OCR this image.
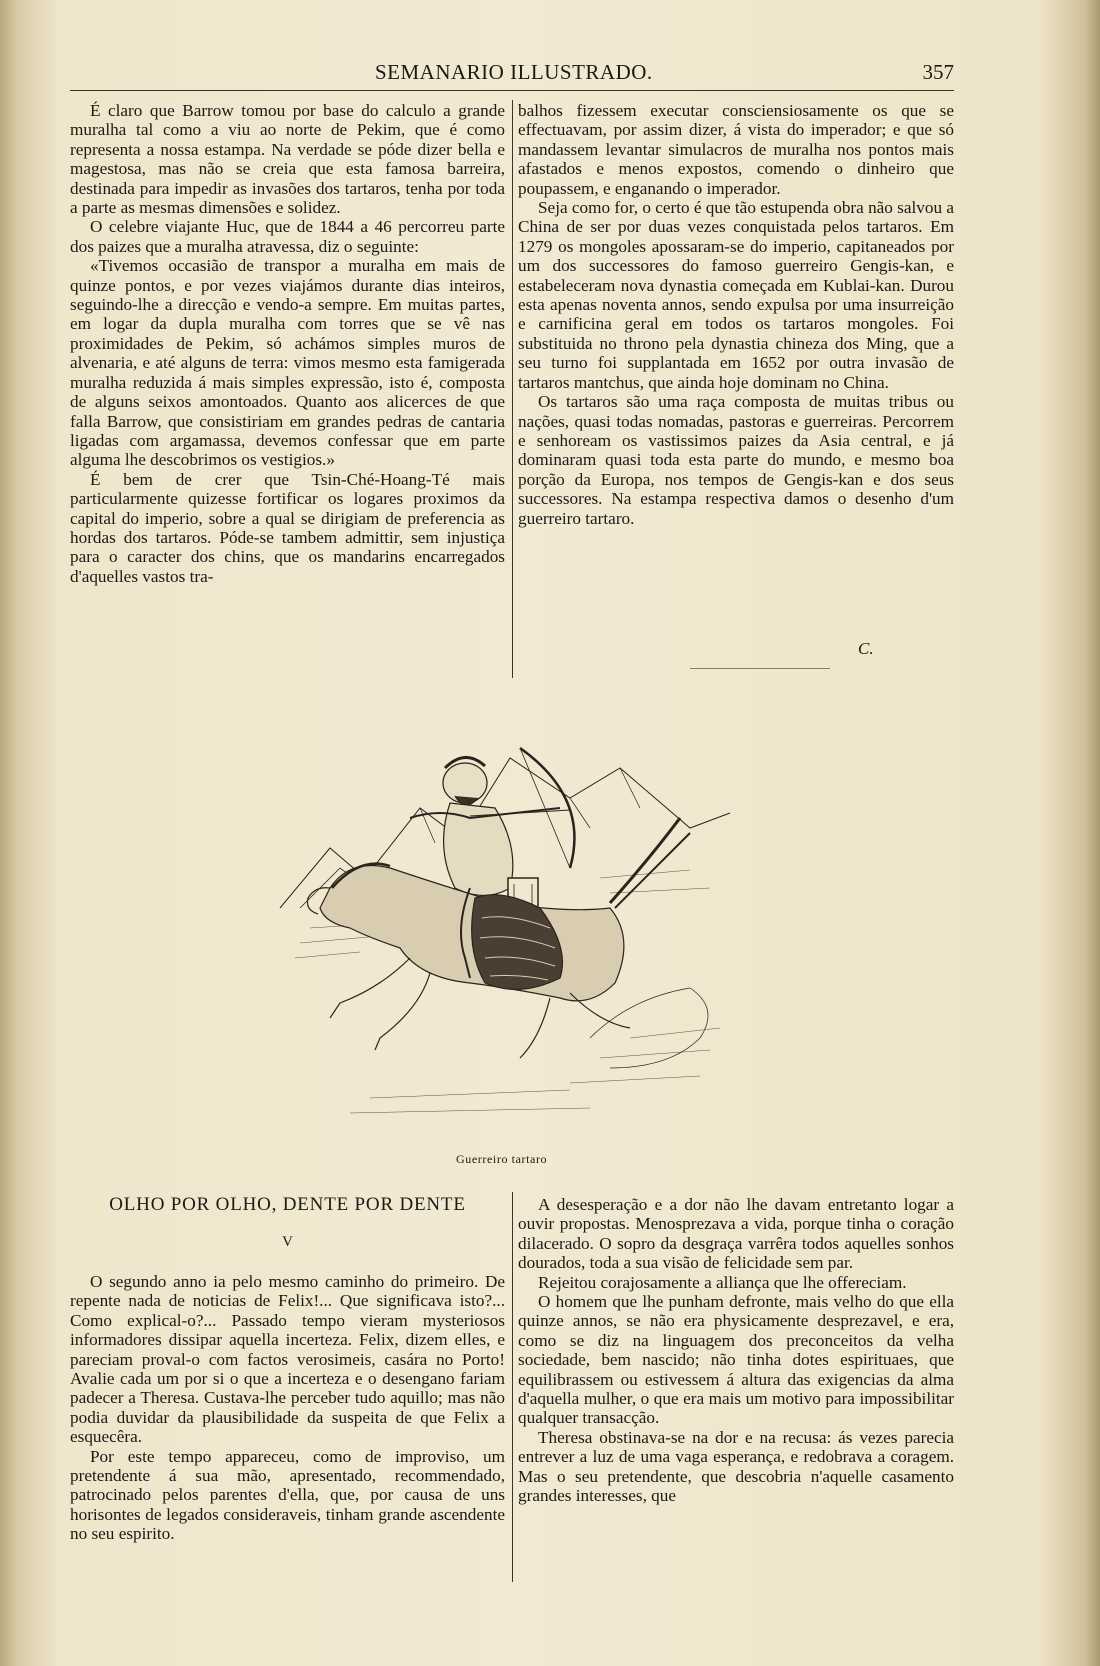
SEMANARIO ILLUSTRADO.	357

É claro que Barrow tomou por base do calculo a grande muralha tal como a viu ao norte de Pekim, que é como representa a nossa estampa. Na verdade se póde dizer bella e magestosa, mas não se creia que esta famosa barreira, destinada para impedir as invasões dos tartaros, tenha por toda a parte as mesmas dimensões e solidez.

O celebre viajante Huc, que de 1844 a 46 percorreu parte dos paizes que a muralha atravessa, diz o seguinte:

«Tivemos occasião de transpor a muralha em mais de quinze pontos, e por vezes viajámos durante dias inteiros, seguindo-lhe a direcção e vendo-a sempre. Em muitas partes, em logar da dupla muralha com torres que se vê nas proximidades de Pekim, só achámos simples muros de alvenaria, e até alguns de terra: vimos mesmo esta famigerada muralha reduzida á mais simples expressão, isto é, composta de alguns seixos amontoados. Quanto aos alicerces de que falla Barrow, que consistiriam em grandes pedras de cantaria ligadas com argamassa, devemos confessar que em parte alguma lhe descobrimos os vestigios.»

É bem de crer que Tsin-Ché-Hoang-Té mais particularmente quizesse fortificar os logares proximos da capital do imperio, sobre a qual se dirigiam de preferencia as hordas dos tartaros. Póde-se tambem admittir, sem injustiça para o caracter dos chins, que os mandarins encarregados d'aquelles vastos tra-

balhos fizessem executar consciensiosamente os que se effectuavam, por assim dizer, á vista do imperador; e que só mandassem levantar simulacros de muralha nos pontos mais afastados e menos expostos, comendo o dinheiro que poupassem, e enganando o imperador.

Seja como for, o certo é que tão estupenda obra não salvou a China de ser por duas vezes conquistada pelos tartaros. Em 1279 os mongoles apossaram-se do imperio, capitaneados por um dos successores do famoso guerreiro Gengis-kan, e estabeleceram nova dynastia começada em Kublai-kan. Durou esta apenas noventa annos, sendo expulsa por uma insurreição e carnificina geral em todos os tartaros mongoles. Foi substituida no throno pela dynastia chineza dos Ming, que a seu turno foi supplantada em 1652 por outra invasão de tartaros mantchus, que ainda hoje dominam no China.

Os tartaros são uma raça composta de muitas tribus ou nações, quasi todas nomadas, pastoras e guerreiras. Percorrem e senhoream os vastissimos paizes da Asia central, e já dominaram quasi toda esta parte do mundo, e mesmo boa porção da Europa, nos tempos de Gengis-kan e dos seus successores. Na estampa respectiva damos o desenho d'um guerreiro tartaro.

C.
Guerreiro tartaro
OLHO POR OLHO, DENTE POR DENTE
V

O segundo anno ia pelo mesmo caminho do primeiro. De repente nada de noticias de Felix!... Que significava isto?... Como explical-o?... Passado tempo vieram mysteriosos informadores dissipar aquella incerteza. Felix, dizem elles, e pareciam proval-o com factos verosimeis, casára no Porto! Avalie cada um por si o que a incerteza e o desengano fariam padecer a Theresa. Custava-lhe perceber tudo aquillo; mas não podia duvidar da plausibilidade da suspeita de que Felix a esquecêra.

Por este tempo appareceu, como de improviso, um pretendente á sua mão, apresentado, recommendado, patrocinado pelos parentes d'ella, que, por causa de uns horisontes de legados consideraveis, tinham grande ascendente no seu espirito.

A desesperação e a dor não lhe davam entretanto logar a ouvir propostas. Menosprezava a vida, porque tinha o coração dilacerado. O sopro da desgraça varrêra todos aquelles sonhos dourados, toda a sua visão de felicidade sem par.

Rejeitou corajosamente a alliança que lhe offereciam.

O homem que lhe punham defronte, mais velho do que ella quinze annos, se não era physicamente desprezavel, e era, como se diz na linguagem dos preconceitos da velha sociedade, bem nascido; não tinha dotes espirituaes, que equilibrassem ou estivessem á altura das exigencias da alma d'aquella mulher, o que era mais um motivo para impossibilitar qualquer transacção.

Theresa obstinava-se na dor e na recusa: ás vezes parecia entrever a luz de uma vaga esperança, e redobrava a coragem. Mas o seu pretendente, que descobria n'aquelle casamento grandes interesses, que
